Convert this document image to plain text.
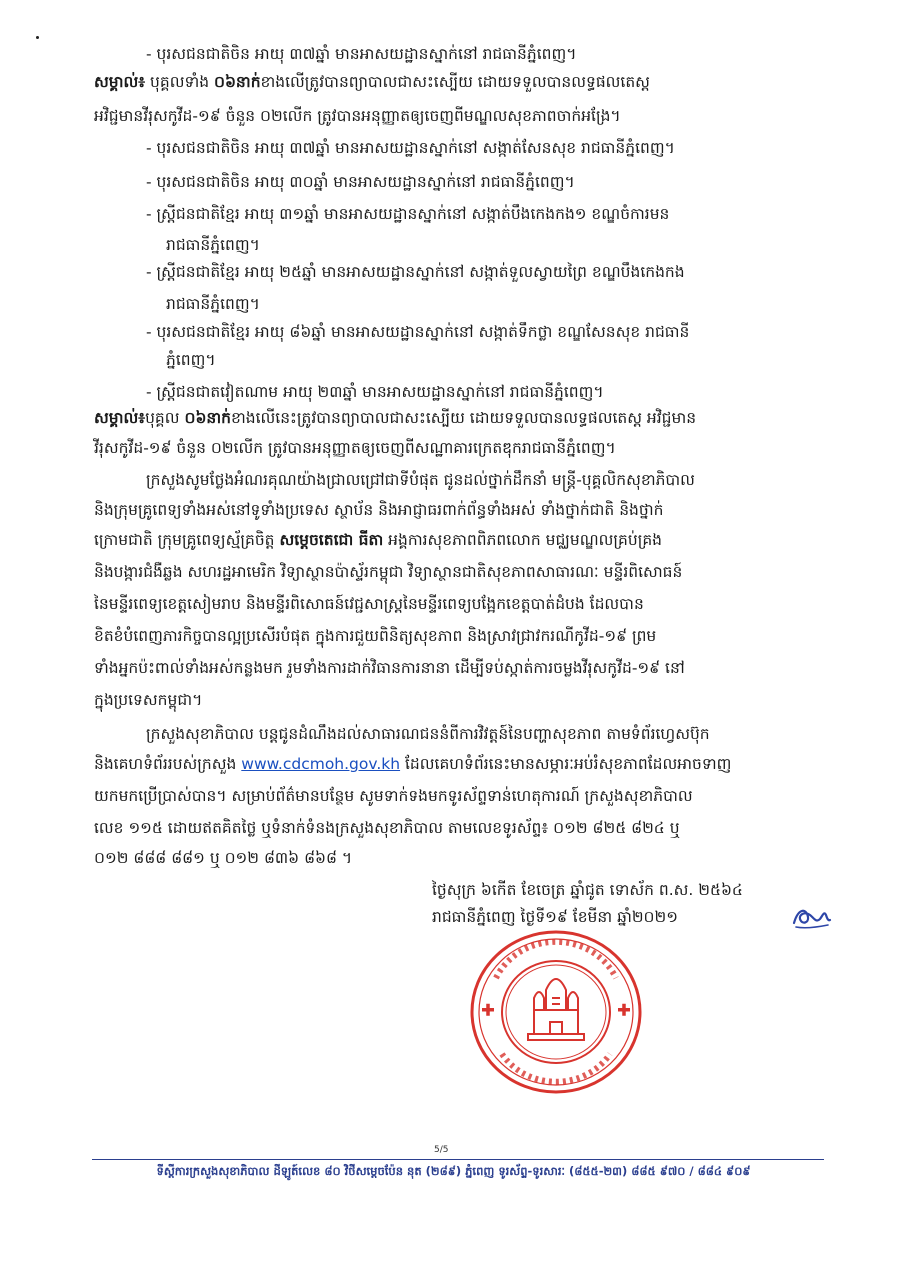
- បុរសជនជាតិចិន អាយុ ៣៧ឆ្នាំ មានអាសយដ្ឋានស្នាក់នៅ រាជធានីភ្នំពេញ។
សម្គាល់៖ បុគ្គលទាំង ០៦នាក់ខាងលើត្រូវបានព្យាបាលជាសះស្បើយ ដោយទទួលបានលទ្ធផលតេស្ត
អវិជ្ជមានវីរុសកូវីដ-១៩ ចំនួន ០២លើក ត្រូវបានអនុញ្ញាតឲ្យចេញពីមណ្ឌលសុខភាពចាក់អង្រែ។
- បុរសជនជាតិចិន អាយុ ៣៧ឆ្នាំ មានអាសយដ្ឋានស្នាក់នៅ សង្កាត់សែនសុខ រាជធានីភ្នំពេញ។
- បុរសជនជាតិចិន អាយុ ៣០ឆ្នាំ មានអាសយដ្ឋានស្នាក់នៅ រាជធានីភ្នំពេញ។
- ស្ត្រីជនជាតិខ្មែរ អាយុ ៣១ឆ្នាំ មានអាសយដ្ឋានស្នាក់នៅ សង្កាត់បឹងកេងកង១ ខណ្ឌចំការមន
រាជធានីភ្នំពេញ។
- ស្ត្រីជនជាតិខ្មែរ អាយុ ២៥ឆ្នាំ មានអាសយដ្ឋានស្នាក់នៅ សង្កាត់ទួលស្វាយព្រៃ ខណ្ឌបឹងកេងកង
រាជធានីភ្នំពេញ។
- បុរសជនជាតិខ្មែរ អាយុ ៨៦ឆ្នាំ មានអាសយដ្ឋានស្នាក់នៅ សង្កាត់ទឹកថ្លា ខណ្ឌសែនសុខ រាជធានី
ភ្នំពេញ។
- ស្ត្រីជនជាតវៀតណាម អាយុ ២៣ឆ្នាំ មានអាសយដ្ឋានស្នាក់នៅ រាជធានីភ្នំពេញ។
សម្គាល់៖បុគ្គល ០៦នាក់ខាងលើនេះត្រូវបានព្យាបាលជាសះស្បើយ ដោយទទួលបានលទ្ធផលតេស្ត អវិជ្ជមាន
វីរុសកូវីដ-១៩ ចំនួន ០២លើក ត្រូវបានអនុញ្ញាតឲ្យចេញពីសណ្ឋាគារក្រេតឌុករាជធានីភ្នំពេញ។
ក្រសួងសូមថ្លែងអំណរគុណយ៉ាងជ្រាលជ្រៅជាទីបំផុត ជូនដល់ថ្នាក់ដឹកនាំ មន្ត្រី-បុគ្គលិកសុខាភិបាល
និងក្រុមគ្រូពេទ្យទាំងអស់នៅទូទាំងប្រទេស ស្ថាប័ន និងអាជ្ញាធរពាក់ព័ន្ធទាំងអស់ ទាំងថ្នាក់ជាតិ និងថ្នាក់
ក្រោមជាតិ ក្រុមគ្រូពេទ្យស្ម័គ្រចិត្ត សម្តេចតេជោ ធីតា អង្គការសុខភាពពិភពលោក មជ្ឈមណ្ឌលគ្រប់គ្រង
និងបង្ការជំងឺឆ្លង សហរដ្ឋអាមេរិក វិទ្យាស្ថានប៉ាស្ទ័រកម្ពុជា វិទ្យាស្ថានជាតិសុខភាពសាធារណៈ មន្ទីរពិសោធន៍
នៃមន្ទីរពេទ្យខេត្តសៀមរាប និងមន្ទីរពិសោធន៍វេជ្ជសាស្ត្រនៃមន្ទីរពេទ្យបង្អែកខេត្តបាត់ដំបង ដែលបាន
ខិតខំបំពេញភារកិច្ចបានល្អប្រសើរបំផុត ក្នុងការជួយពិនិត្យសុខភាព និងស្រាវជ្រាវករណីកូវីដ-១៩ ព្រម
ទាំងអ្នកប៉ះពាល់ទាំងអស់កន្លងមក រួមទាំងការដាក់វិធានការនានា ដើម្បីទប់ស្កាត់ការចម្លងវីរុសកូវីដ-១៩ នៅ
ក្នុងប្រទេសកម្ពុជា។
ក្រសួងសុខាភិបាល បន្តជូនដំណឹងដល់សាធារណជននំពីការវិវត្តន៍នៃបញ្ហាសុខភាព តាមទំព័រហ្វេសប៊ុក
និងគេហទំព័ររបស់ក្រសួង www.cdcmoh.gov.kh ដែលគេហទំព័រនេះមានសម្ភារៈអប់រំសុខភាពដែលអាចទាញ
យកមកប្រើប្រាស់បាន។ សម្រាប់ព័ត៌មានបន្ថែម សូមទាក់ទងមកទូរស័ព្ទទាន់ហេតុការណ៍ ក្រសួងសុខាភិបាល
លេខ ១១៥ ដោយឥតគិតថ្លៃ ឬទំនាក់ទំនងក្រសួងសុខាភិបាល តាមលេខទូរស័ព្ទ៖ ០១២ ៨២៥ ៨២៤ ឬ
០១២ ៨៨៨ ៨៨១ ឬ ០១២ ៨៣៦ ៨៦៨ ។
ថ្ងៃសុក្រ ៦កើត ខែចេត្រ ឆ្នាំជូត ទោស័ក ព.ស. ២៥៦៤
រាជធានីភ្នំពេញ ថ្ងៃទី១៩ ខែមីនា ឆ្នាំ២០២១
5/5
ទីស្តីការក្រសួងសុខាភិបាល ដីឡូត៍លេខ ៨០ វិថីសម្តេចប៉ែន នុត (២៨៩) ភ្នំពេញ ទូរស័ព្ទ-ទូរសារៈ (៨៥៥-២៣) ៨៨៥ ៩៧០ / ៨៨៤ ៩០៩
